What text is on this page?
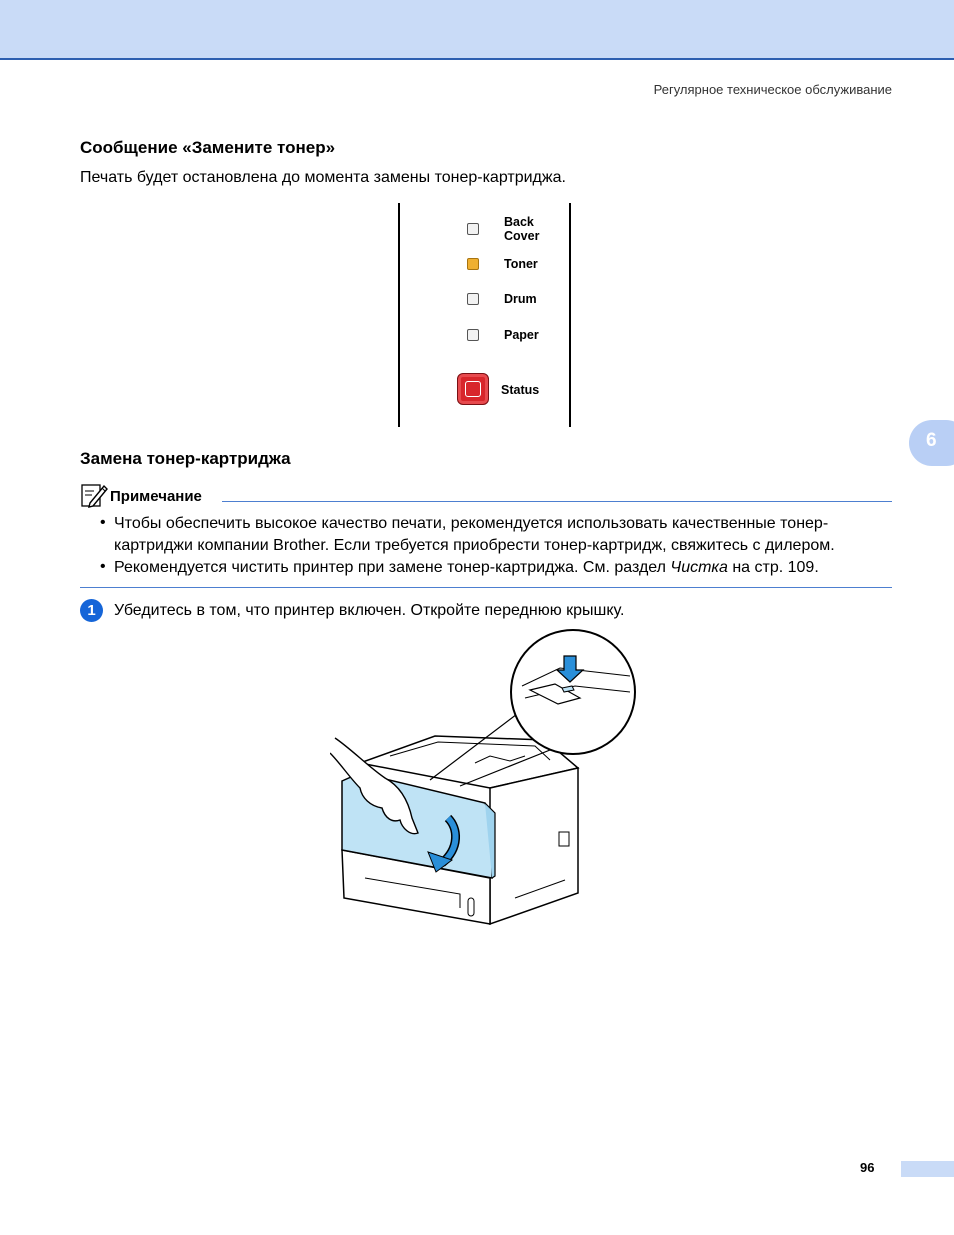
Регулярное техническое обслуживание
Сообщение «Замените тонер»
Печать будет остановлена до момента замены тонер-картриджа.
Back
Cover
Toner
Drum
Paper
Status
6
Замена тонер-картриджа
Примечание
• Чтобы обеспечить высокое качество печати, рекомендуется использовать качественные тонер-картриджи компании Brother. Если требуется приобрести тонер-картридж, свяжитесь с дилером.
• Рекомендуется чистить принтер при замене тонер-картриджа. См. раздел Чистка на стр. 109.
1	Убедитесь в том, что принтер включен. Откройте переднюю крышку.
96
